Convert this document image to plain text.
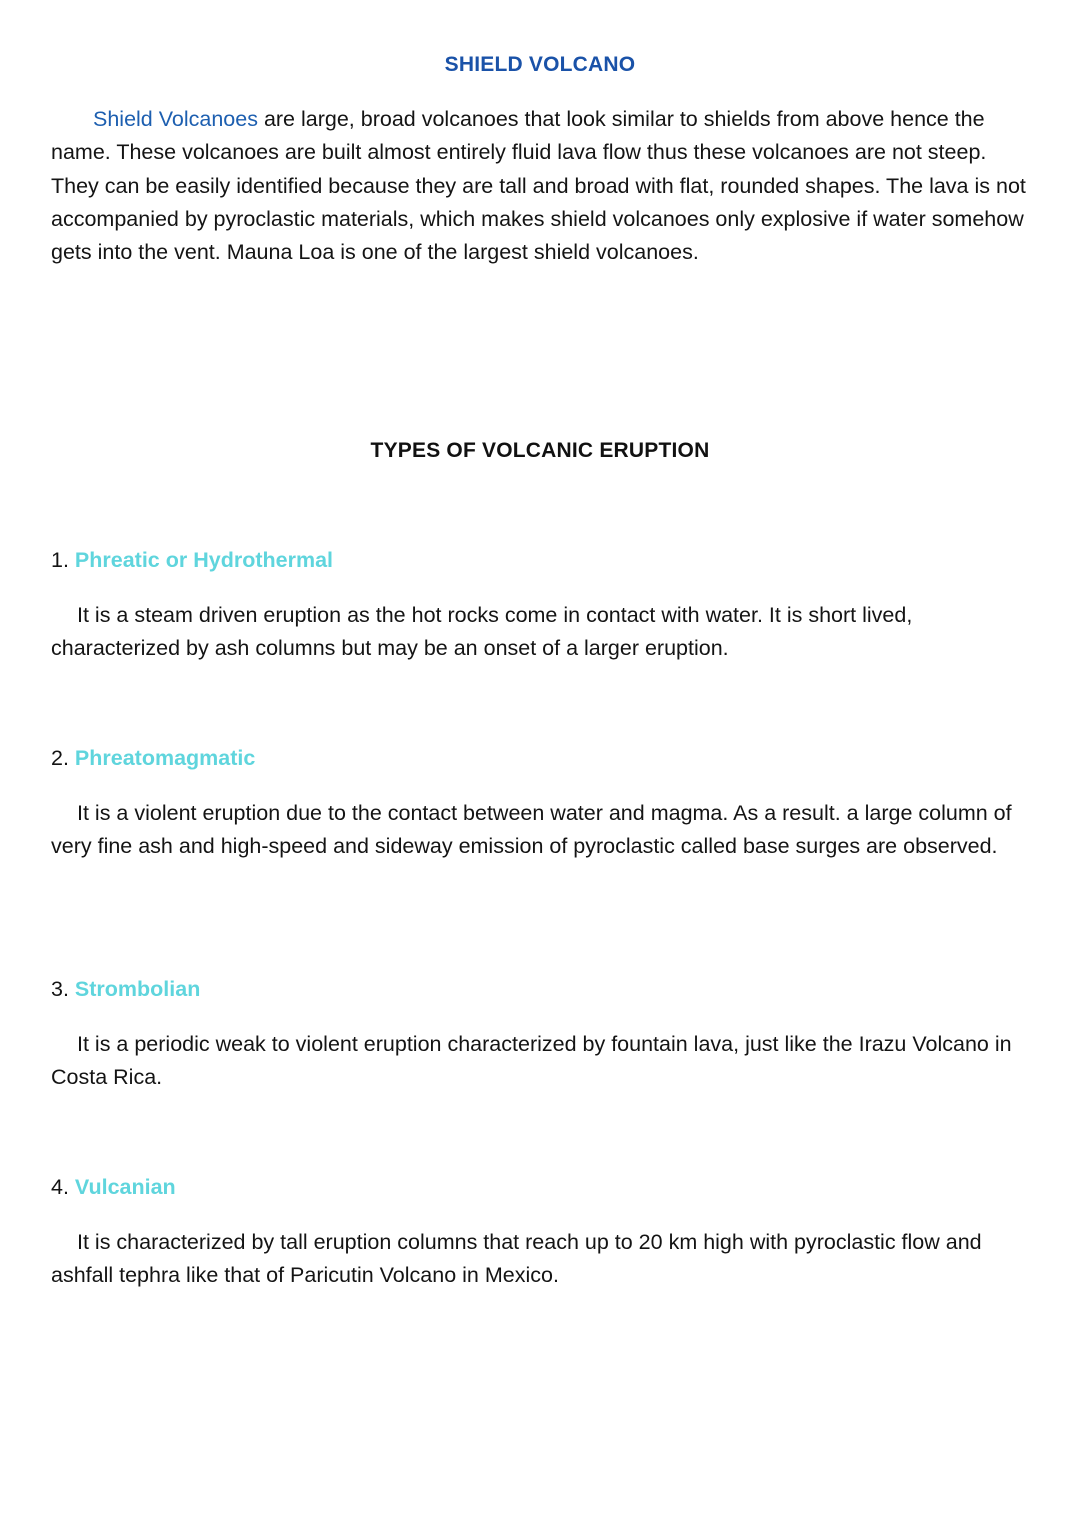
SHIELD VOLCANO

Shield Volcanoes are large, broad volcanoes that look similar to shields from above hence the name. These volcanoes are built almost entirely fluid lava flow thus these volcanoes are not steep. They can be easily identified because they are tall and broad with flat, rounded shapes. The lava is not accompanied by pyroclastic materials, which makes shield volcanoes only explosive if water somehow gets into the vent. Mauna Loa is one of the largest shield volcanoes.

TYPES OF VOLCANIC ERUPTION

1. Phreatic or Hydrothermal

It is a steam driven eruption as the hot rocks come in contact with water. It is short lived, characterized by ash columns but may be an onset of a larger eruption.

2. Phreatomagmatic

It is a violent eruption due to the contact between water and magma. As a result. a large column of very fine ash and high-speed and sideway emission of pyroclastic called base surges are observed.

3. Strombolian

It is a periodic weak to violent eruption characterized by fountain lava, just like the Irazu Volcano in Costa Rica.

4. Vulcanian

It is characterized by tall eruption columns that reach up to 20 km high with pyroclastic flow and ashfall tephra like that of Paricutin Volcano in Mexico.
